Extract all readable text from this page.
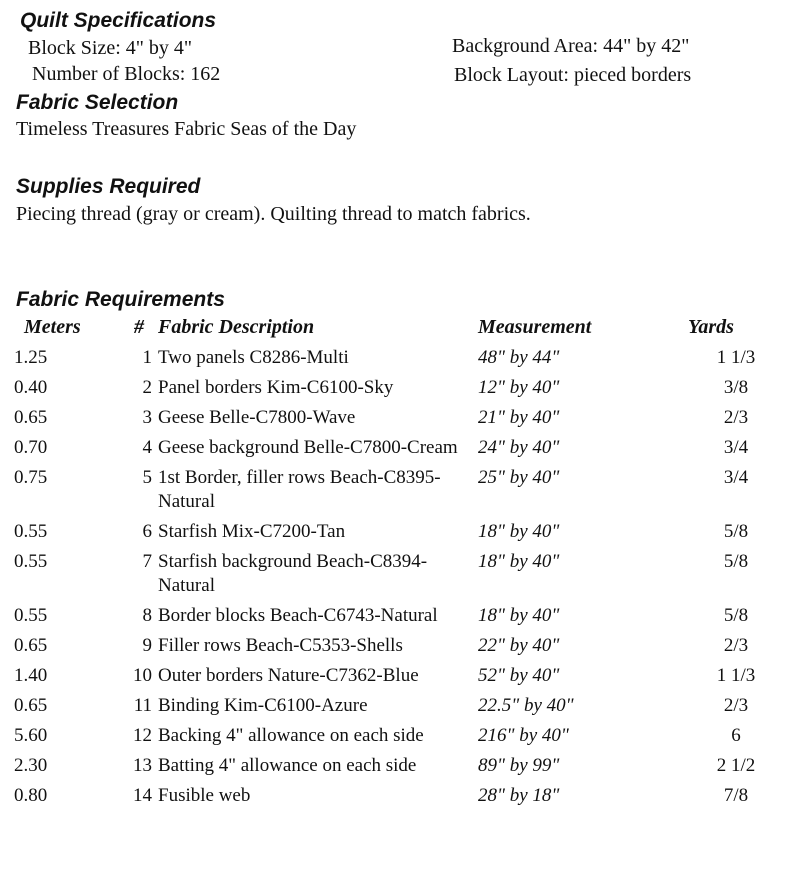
Quilt Specifications

Block Size: 4" by 4"

Number of Blocks: 162

Background Area: 44" by 42"

Block Layout: pieced borders

Fabric Selection

Timeless Treasures Fabric Seas of the Day

Supplies Required

Piecing thread (gray or cream). Quilting thread to match fabrics.

Fabric Requirements
Meters	#	Fabric Description	Measurement	Yards
1.25	1	Two panels C8286-Multi	48" by 44"	1 1/3
0.40	2	Panel borders Kim-C6100-Sky	12" by 40"	3/8
0.65	3	Geese Belle-C7800-Wave	21" by 40"	2/3
0.70	4	Geese background Belle-C7800-Cream	24" by 40"	3/4
0.75	5	1st Border, filler rows Beach-C8395-Natural	25" by 40"	3/4
0.55	6	Starfish Mix-C7200-Tan	18" by 40"	5/8
0.55	7	Starfish background Beach-C8394-Natural	18" by 40"	5/8
0.55	8	Border blocks Beach-C6743-Natural	18" by 40"	5/8
0.65	9	Filler rows Beach-C5353-Shells	22" by 40"	2/3
1.40	10	Outer borders Nature-C7362-Blue	52" by 40"	1 1/3
0.65	11	Binding Kim-C6100-Azure	22.5" by 40"	2/3
5.60	12	Backing 4" allowance on each side	216" by 40"	6
2.30	13	Batting 4" allowance on each side	89" by 99"	2 1/2
0.80	14	Fusible web	28" by 18"	7/8
